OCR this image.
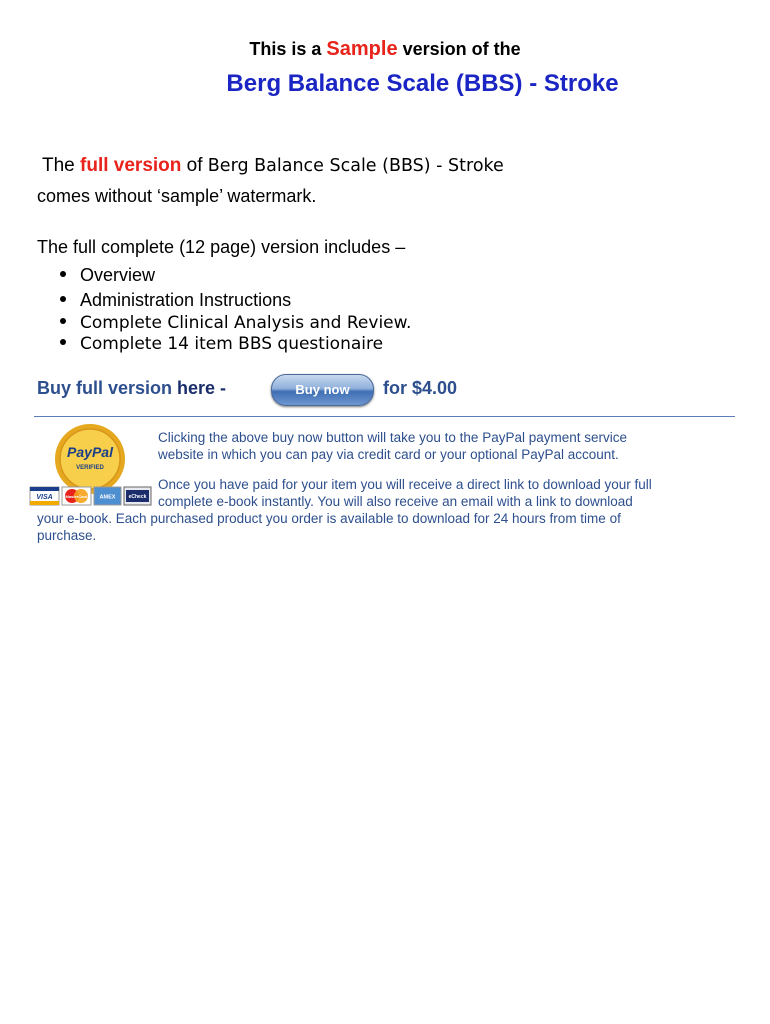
This is a Sample version of the
Berg Balance Scale (BBS) - Stroke
The full version of Berg Balance Scale (BBS) - Stroke
comes without ‘sample’ watermark.
The full complete (12 page) version includes –
Overview
Administration Instructions
Complete Clinical Analysis and Review.
Complete 14 item BBS questionaire
Buy full version here -	Buy now	for $4.00
PayPal
VERIFIED
VISA	MasterCard AMEX	eCheck
Clicking the above buy now button will take you to the PayPal payment service
website in which you can pay via credit card or your optional PayPal account.
Once you have paid for your item you will receive a direct link to download your full
complete e-book instantly. You will also receive an email with a link to download
your e-book. Each purchased product you order is available to download for 24 hours from time of
purchase.
